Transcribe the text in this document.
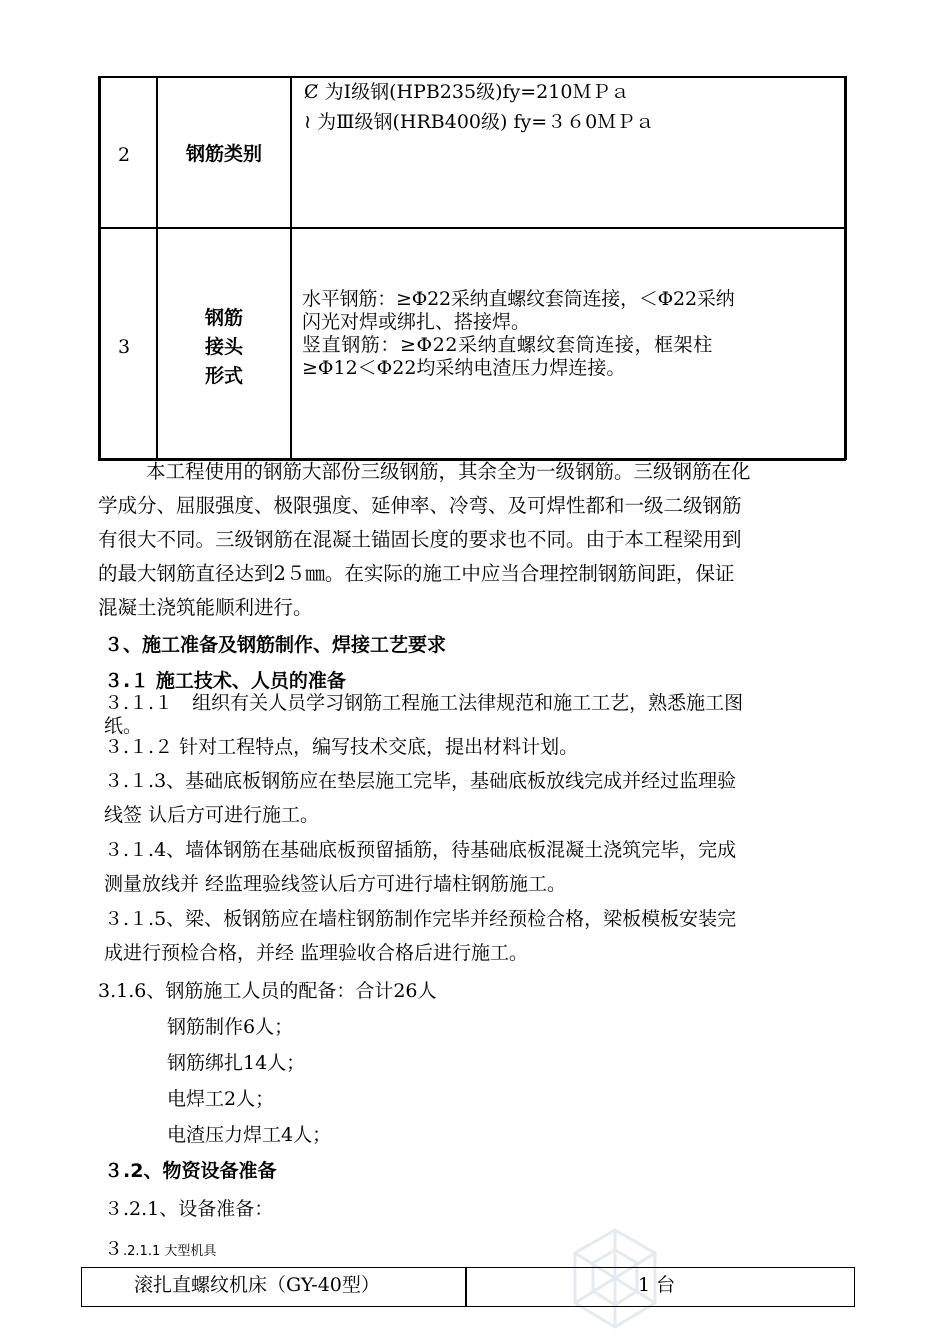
2	钢筋类别
Ȼ 为Ⅰ级钢(HPB235级)fy=210ＭＰａ
≀ 为Ⅲ级钢(HRB400级) fy=３６0ＭＰａ
3
钢筋
接头
形式
水平钢筋：≥Φ22采纳直螺纹套筒连接，＜Φ22采纳
闪光对焊或绑扎、搭接焊。
竖直钢筋：≥Φ22采纳直螺纹套筒连接，框架柱
≥Φ12＜Φ22均采纳电渣压力焊连接。
本工程使用的钢筋大部份三级钢筋，其余全为一级钢筋。三级钢筋在化
学成分、屈服强度、极限强度、延伸率、冷弯、及可焊性都和一级二级钢筋
有很大不同。三级钢筋在混凝土锚固长度的要求也不同。由于本工程梁用到
的最大钢筋直径达到2５㎜。在实际的施工中应当合理控制钢筋间距，保证
混凝土浇筑能顺利进行。
３、施工准备及钢筋制作、焊接工艺要求
３.１ 施工技术、人员的准备
３.１.１　组织有关人员学习钢筋工程施工法律规范和施工工艺，熟悉施工图
纸。
３.１.２ 针对工程特点，编写技术交底，提出材料计划。
３.１.3、基础底板钢筋应在垫层施工完毕，基础底板放线完成并经过监理验
线签 认后方可进行施工。
３.１.4、墙体钢筋在基础底板预留插筋，待基础底板混凝土浇筑完毕，完成
测量放线并 经监理验线签认后方可进行墙柱钢筋施工。
３.１.5、梁、板钢筋应在墙柱钢筋制作完毕并经预检合格，梁板模板安装完
成进行预检合格，并经 监理验收合格后进行施工。
3.1.6、钢筋施工人员的配备：合计26人
钢筋制作6人；
钢筋绑扎14人；
电焊工2人；
电渣压力焊工4人；
３.2、物资设备准备
３.2.1、设备准备：
３.2.1.1 大型机具
滚扎直螺纹机床（GY-40型）	1 台
